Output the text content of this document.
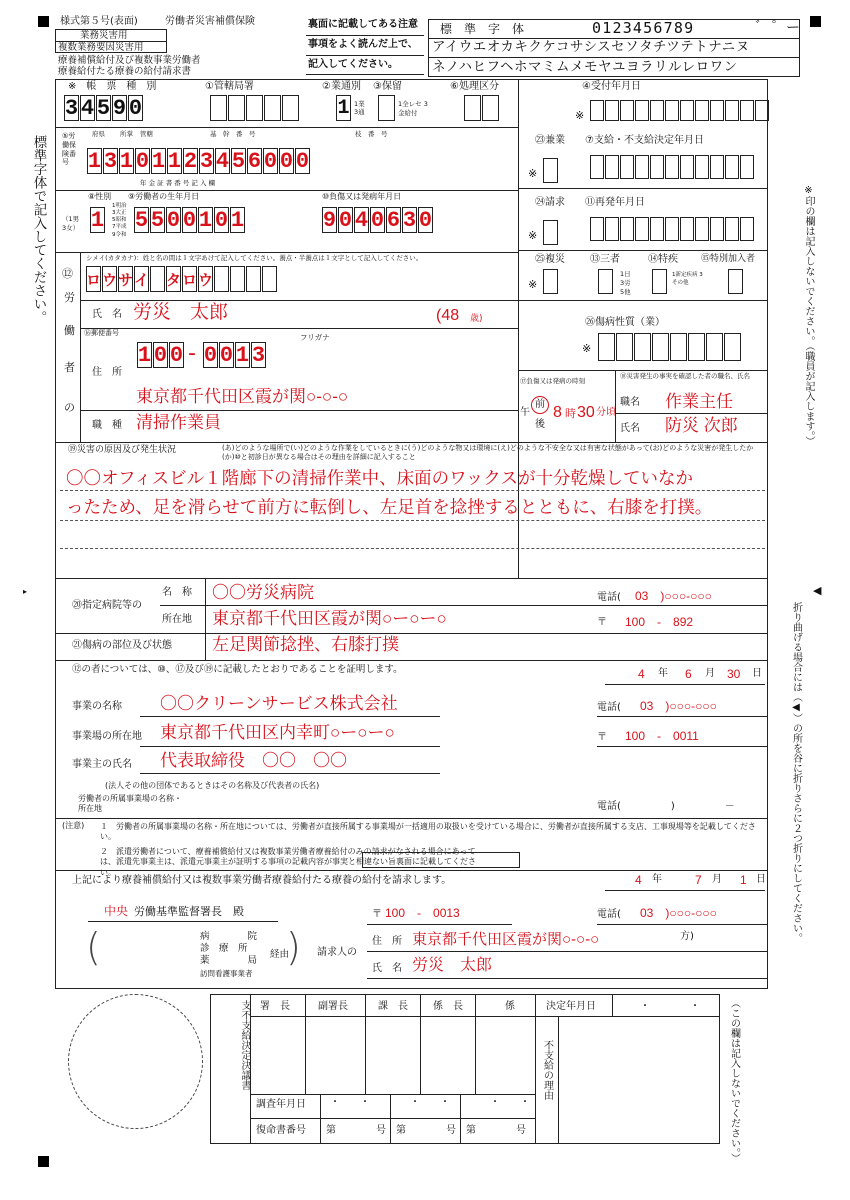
様式第５号(表面)	労働者災害補償保険
業務災害用
複数業務要因災害用
療養補償給付及び複数事業労働者
療養給付たる療養の給付請求書
裏面に記載してある注意
事項をよく読んだ上で、
記入してください。
標　準　字　体	0123456789	゛ ゜ ー
アイウエオカキクケコサシスセソタチツテトナニヌ
ネノハヒフヘホマミムメモヤユヨラリルレロワン
標準字体で記入してください。	※印の欄は記入しないでください。（職員が記入します。）
▸	◀
折り曲げる場合には（◀）の所を谷に折りさらに２つ折りにしてください。
※　帳　票　種　別
3 4 5 9 0
①管轄局署	②業通別
1 1業 3通
③保留
1全レセ 3金給付
⑥処理区分	④受付年月日
※
⑤労働保険番号
府県 所掌 管轄	基　幹　番　号	枝　番　号
1 3 1 0 1 1 2 3 4 5 6 0 0 0
年 金 証 書 番 号 記 入 欄
㉓兼業
※
⑦支給・不支給決定年月日
⑧性別
（1男 3女） 1
⑨労働者の生年月日
1明治 3大正 5昭和 7平成 9令和
5 5 0 0 1 0 1
⑩負傷又は発病年月日
9 0 4 0 6 3 0
㉔請求
※
⑪再発年月日
⑫
労
働
者
の
シメイ(カタカナ)：姓と名の間は１文字あけて記入してください。濁点・半濁点は１文字として記入してください。
ロ ウ サ イ タ ロ ウ
氏　名 労災　太郎	(48 歳)
⑯郵便番号	フリガナ
1 0 0 - 0 0 1 3
住　所
東京都千代田区霞が関○-○-○
職　種 清掃作業員
㉕複災
※
⑬三者
1日 3労 5他
⑭特疾
1新定疾病 3その他
⑮特別加入者
㉖傷病性質（業）
※
⑰負傷又は発病の時刻
⑱災害発生の事実を確認した者の職名、氏名
午
前
後
8 時 30 分頃
職名 作業主任
氏名 防災 次郎
⑲災害の原因及び発生状況	(あ)どのような場所で(い)どのような作業をしているときに(う)どのような物又は環境に(え)どのような不安全な又は有害な状態があって(お)どのような災害が発生したか(か)⑩と初診日が異なる場合はその理由を詳細に記入すること
〇〇オフィスビル１階廊下の清掃作業中、床面のワックスが十分乾燥していなか
ったため、足を滑らせて前方に転倒し、左足首を捻挫するとともに、右膝を打撲。
⑳指定病院等の
名　称 〇〇労災病院	電話( 03　)○○○-○○○
所在地 東京都千代田区霞が関○ー○ー○	〒 100　-　892
㉑傷病の部位及び状態 左足関節捻挫、右膝打撲
⑫の者については、⑩、⑰及び⑲に記載したとおりであることを証明します。	4 年 6 月 30 日
事業の名称 〇〇クリーンサービス株式会社	電話( 03　)○○○-○○○
事業場の所在地 東京都千代田区内幸町○ー○ー○	〒 100　-　0011
事業主の氏名 代表取締役　〇〇　〇〇
(法人その他の団体であるときはその名称及び代表者の氏名)
労働者の所属事業場の名称・所在地	電話(　　　　　)　　　　　－
(注意) １　労働者の所属事業場の名称・所在地については、労働者が直接所属する事業場が一括適用の取扱いを受けている場合に、労働者が直接所属する支店、工事現場等を記載してください。
２　派遣労働者について、療養補償給付又は複数事業労働者療養給付のみの請求がなされる場合にあっては、派遣先事業主は、派遣元事業主が証明する事項の記載内容が事実と相違ない旨裏面に記載してください。
上記により療養補償給付又は複数事業労働者療養給付たる療養の給付を請求します。	4 年	7 月 1 日
中央 労働基準監督署長　殿	〒 100　-　0013	電話( 03　)○○○-○○○
(	)
病　　　　院
診　療　所
薬　　　　局
訪問看護事業者
経由	請求人の
住　所 東京都千代田区霞が関○-○-○	方)
氏　名 労災　太郎
支不支給決定決議書 署　長	副署長	課　長	係　長	係	決定年月日	・　　　　・
不支給の理由
調査年月日 ・　　・　　　　・　　・　　　　・　　・
復命書番号 第　　　　号　第　　　　号　第　　　　号	（この欄は記入しないでください。）
